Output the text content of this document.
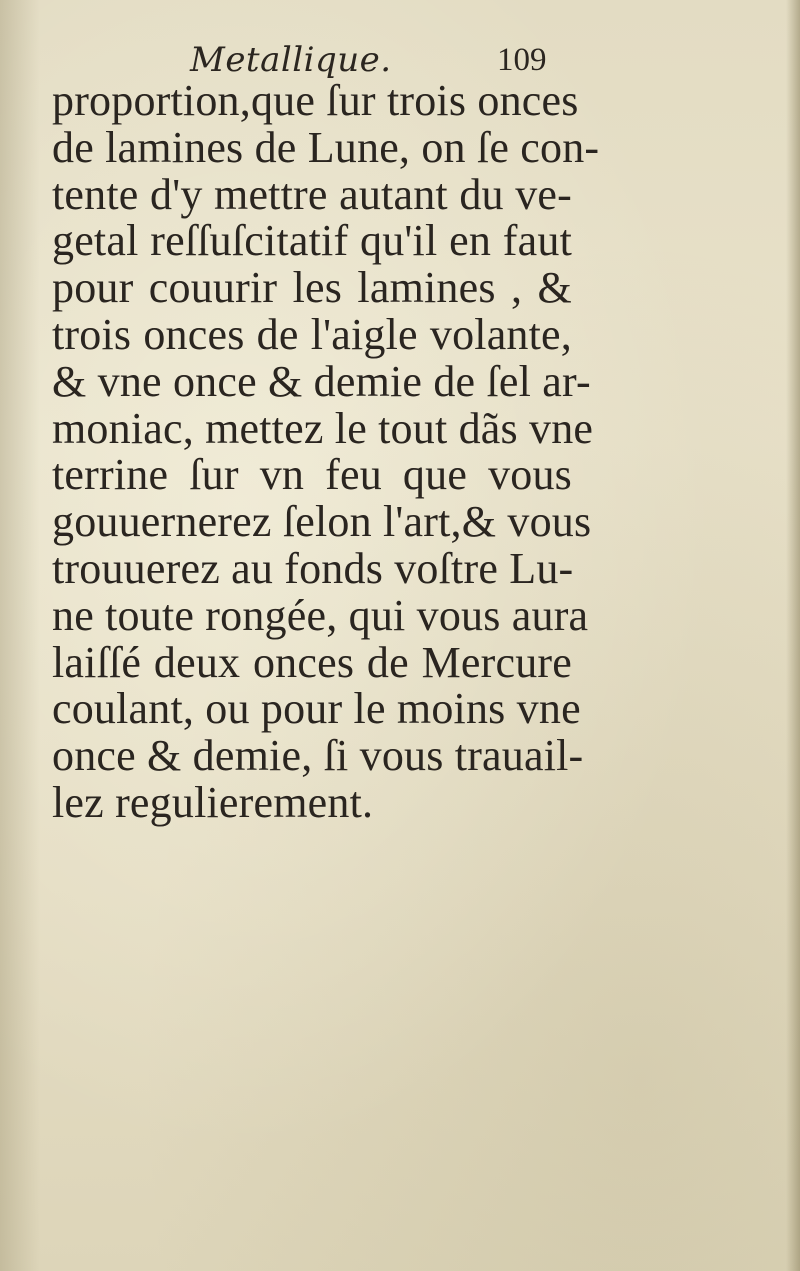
Metallique.	109
proportion,que ſur trois onces
de lamines de Lune, on ſe con-
tente d'y mettre autant du ve-
getal reſſuſcitatif qu'il en faut
pour couurir les lamines , &
trois onces de l'aigle volante,
& vne once & demie de ſel ar-
moniac, mettez le tout dãs vne
terrine ſur vn feu que vous
gouuernerez ſelon l'art,& vous
trouuerez au fonds voſtre Lu-
ne toute rongée, qui vous aura
laiſſé deux onces de Mercure
coulant, ou pour le moins vne
once & demie, ſi vous trauail-
lez regulierement.
